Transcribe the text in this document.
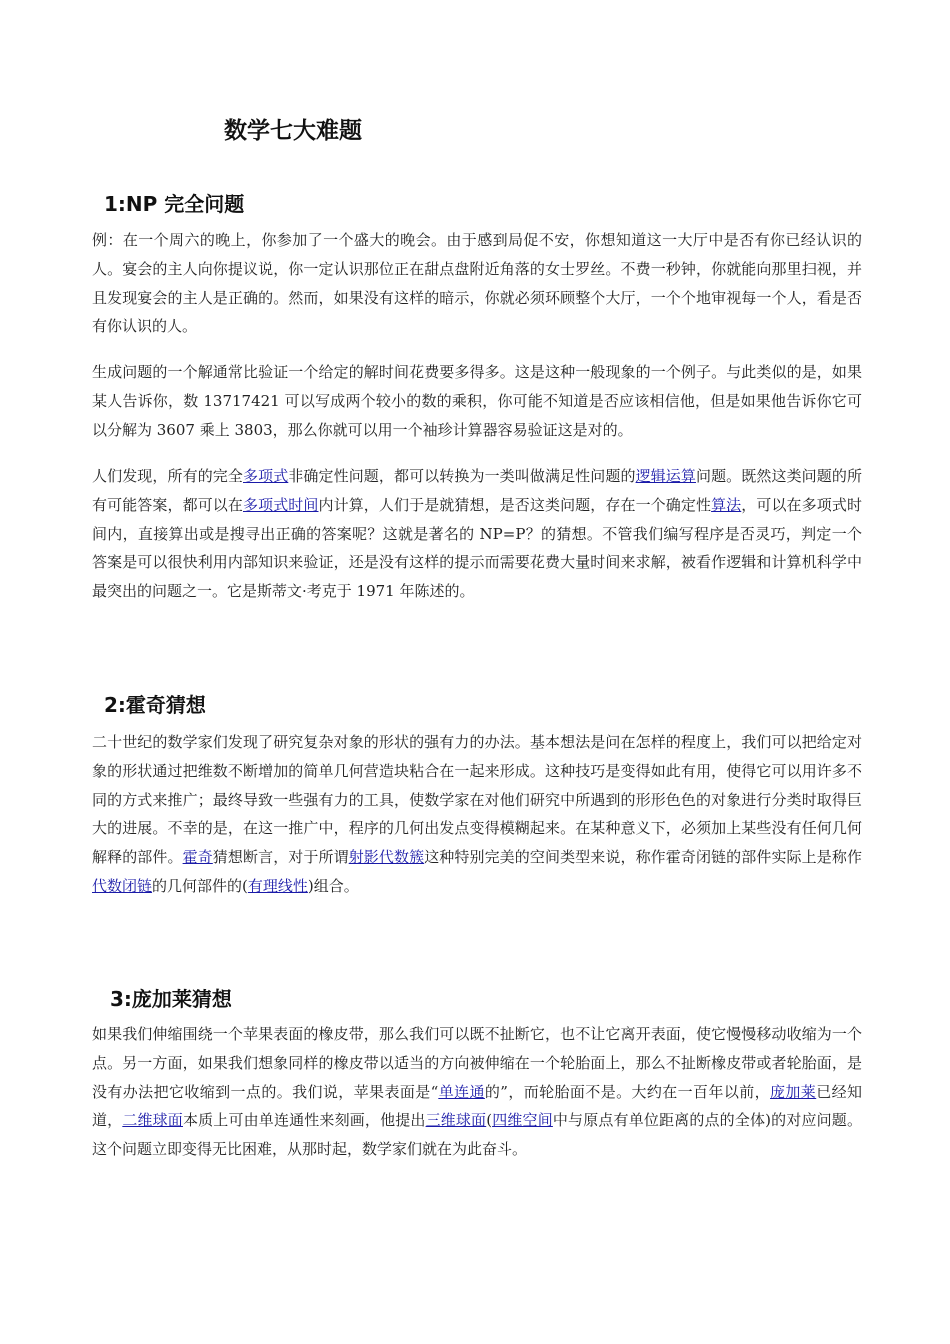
数学七大难题
1:NP 完全问题

例：在一个周六的晚上，你参加了一个盛大的晚会。由于感到局促不安，你想知道这一大厅中是否有你已经认识的人。宴会的主人向你提议说，你一定认识那位正在甜点盘附近角落的女士罗丝。不费一秒钟，你就能向那里扫视，并且发现宴会的主人是正确的。然而，如果没有这样的暗示，你就必须环顾整个大厅，一个个地审视每一个人，看是否有你认识的人。

生成问题的一个解通常比验证一个给定的解时间花费要多得多。这是这种一般现象的一个例子。与此类似的是，如果某人告诉你，数 13717421 可以写成两个较小的数的乘积，你可能不知道是否应该相信他，但是如果他告诉你它可以分解为 3607 乘上 3803，那么你就可以用一个袖珍计算器容易验证这是对的。

人们发现，所有的完全多项式非确定性问题，都可以转换为一类叫做满足性问题的逻辑运算问题。既然这类问题的所有可能答案，都可以在多项式时间内计算，人们于是就猜想，是否这类问题，存在一个确定性算法，可以在多项式时间内，直接算出或是搜寻出正确的答案呢？这就是著名的 NP=P？的猜想。不管我们编写程序是否灵巧，判定一个答案是可以很快利用内部知识来验证，还是没有这样的提示而需要花费大量时间来求解，被看作逻辑和计算机科学中最突出的问题之一。它是斯蒂文·考克于 1971 年陈述的。

2:霍奇猜想

二十世纪的数学家们发现了研究复杂对象的形状的强有力的办法。基本想法是问在怎样的程度上，我们可以把给定对象的形状通过把维数不断增加的简单几何营造块粘合在一起来形成。这种技巧是变得如此有用，使得它可以用许多不同的方式来推广；最终导致一些强有力的工具，使数学家在对他们研究中所遇到的形形色色的对象进行分类时取得巨大的进展。不幸的是，在这一推广中，程序的几何出发点变得模糊起来。在某种意义下，必须加上某些没有任何几何解释的部件。霍奇猜想断言，对于所谓射影代数簇这种特别完美的空间类型来说，称作霍奇闭链的部件实际上是称作代数闭链的几何部件的(有理线性)组合。

3:庞加莱猜想

如果我们伸缩围绕一个苹果表面的橡皮带，那么我们可以既不扯断它，也不让它离开表面，使它慢慢移动收缩为一个点。另一方面，如果我们想象同样的橡皮带以适当的方向被伸缩在一个轮胎面上，那么不扯断橡皮带或者轮胎面，是没有办法把它收缩到一点的。我们说，苹果表面是“单连通的”，而轮胎面不是。大约在一百年以前，庞加莱已经知道，二维球面本质上可由单连通性来刻画，他提出三维球面(四维空间中与原点有单位距离的点的全体)的对应问题。这个问题立即变得无比困难，从那时起，数学家们就在为此奋斗。
